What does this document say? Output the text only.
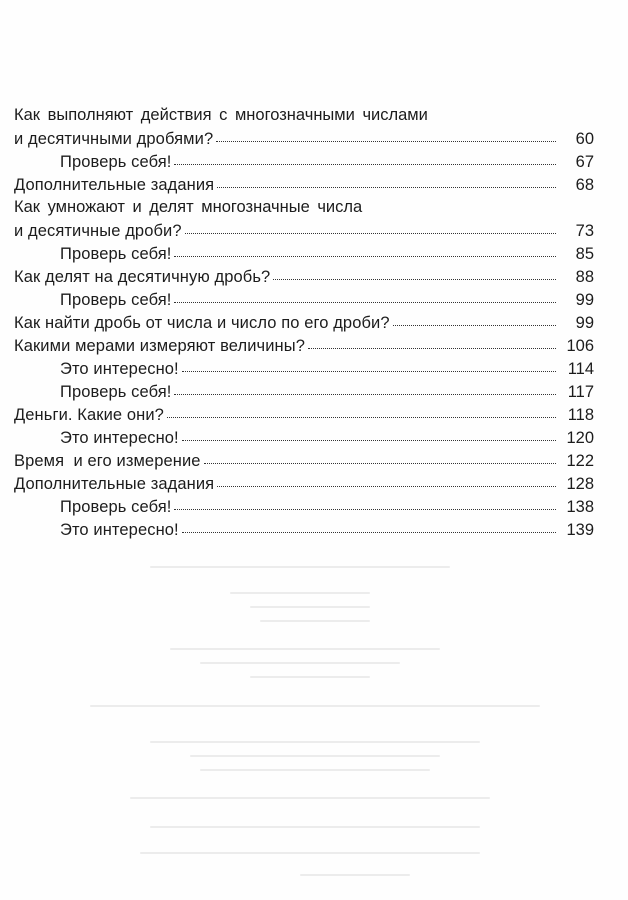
Как выполняют действия с многозначными числами
и десятичными дробями?	60
Проверь себя!	67
Дополнительные задания	68
Как умножают и делят многозначные числа
и десятичные дроби?	73
Проверь себя!	85
Как делят на десятичную дробь?	88
Проверь себя!	99
Как найти дробь от числа и число по его дроби?	99
Какими мерами измеряют величины?	106
Это интересно!	114
Проверь себя!	117
Деньги. Какие они?	118
Это интересно!	120
Время  и его измерение	122
Дополнительные задания	128
Проверь себя!	138
Это интересно!	139
